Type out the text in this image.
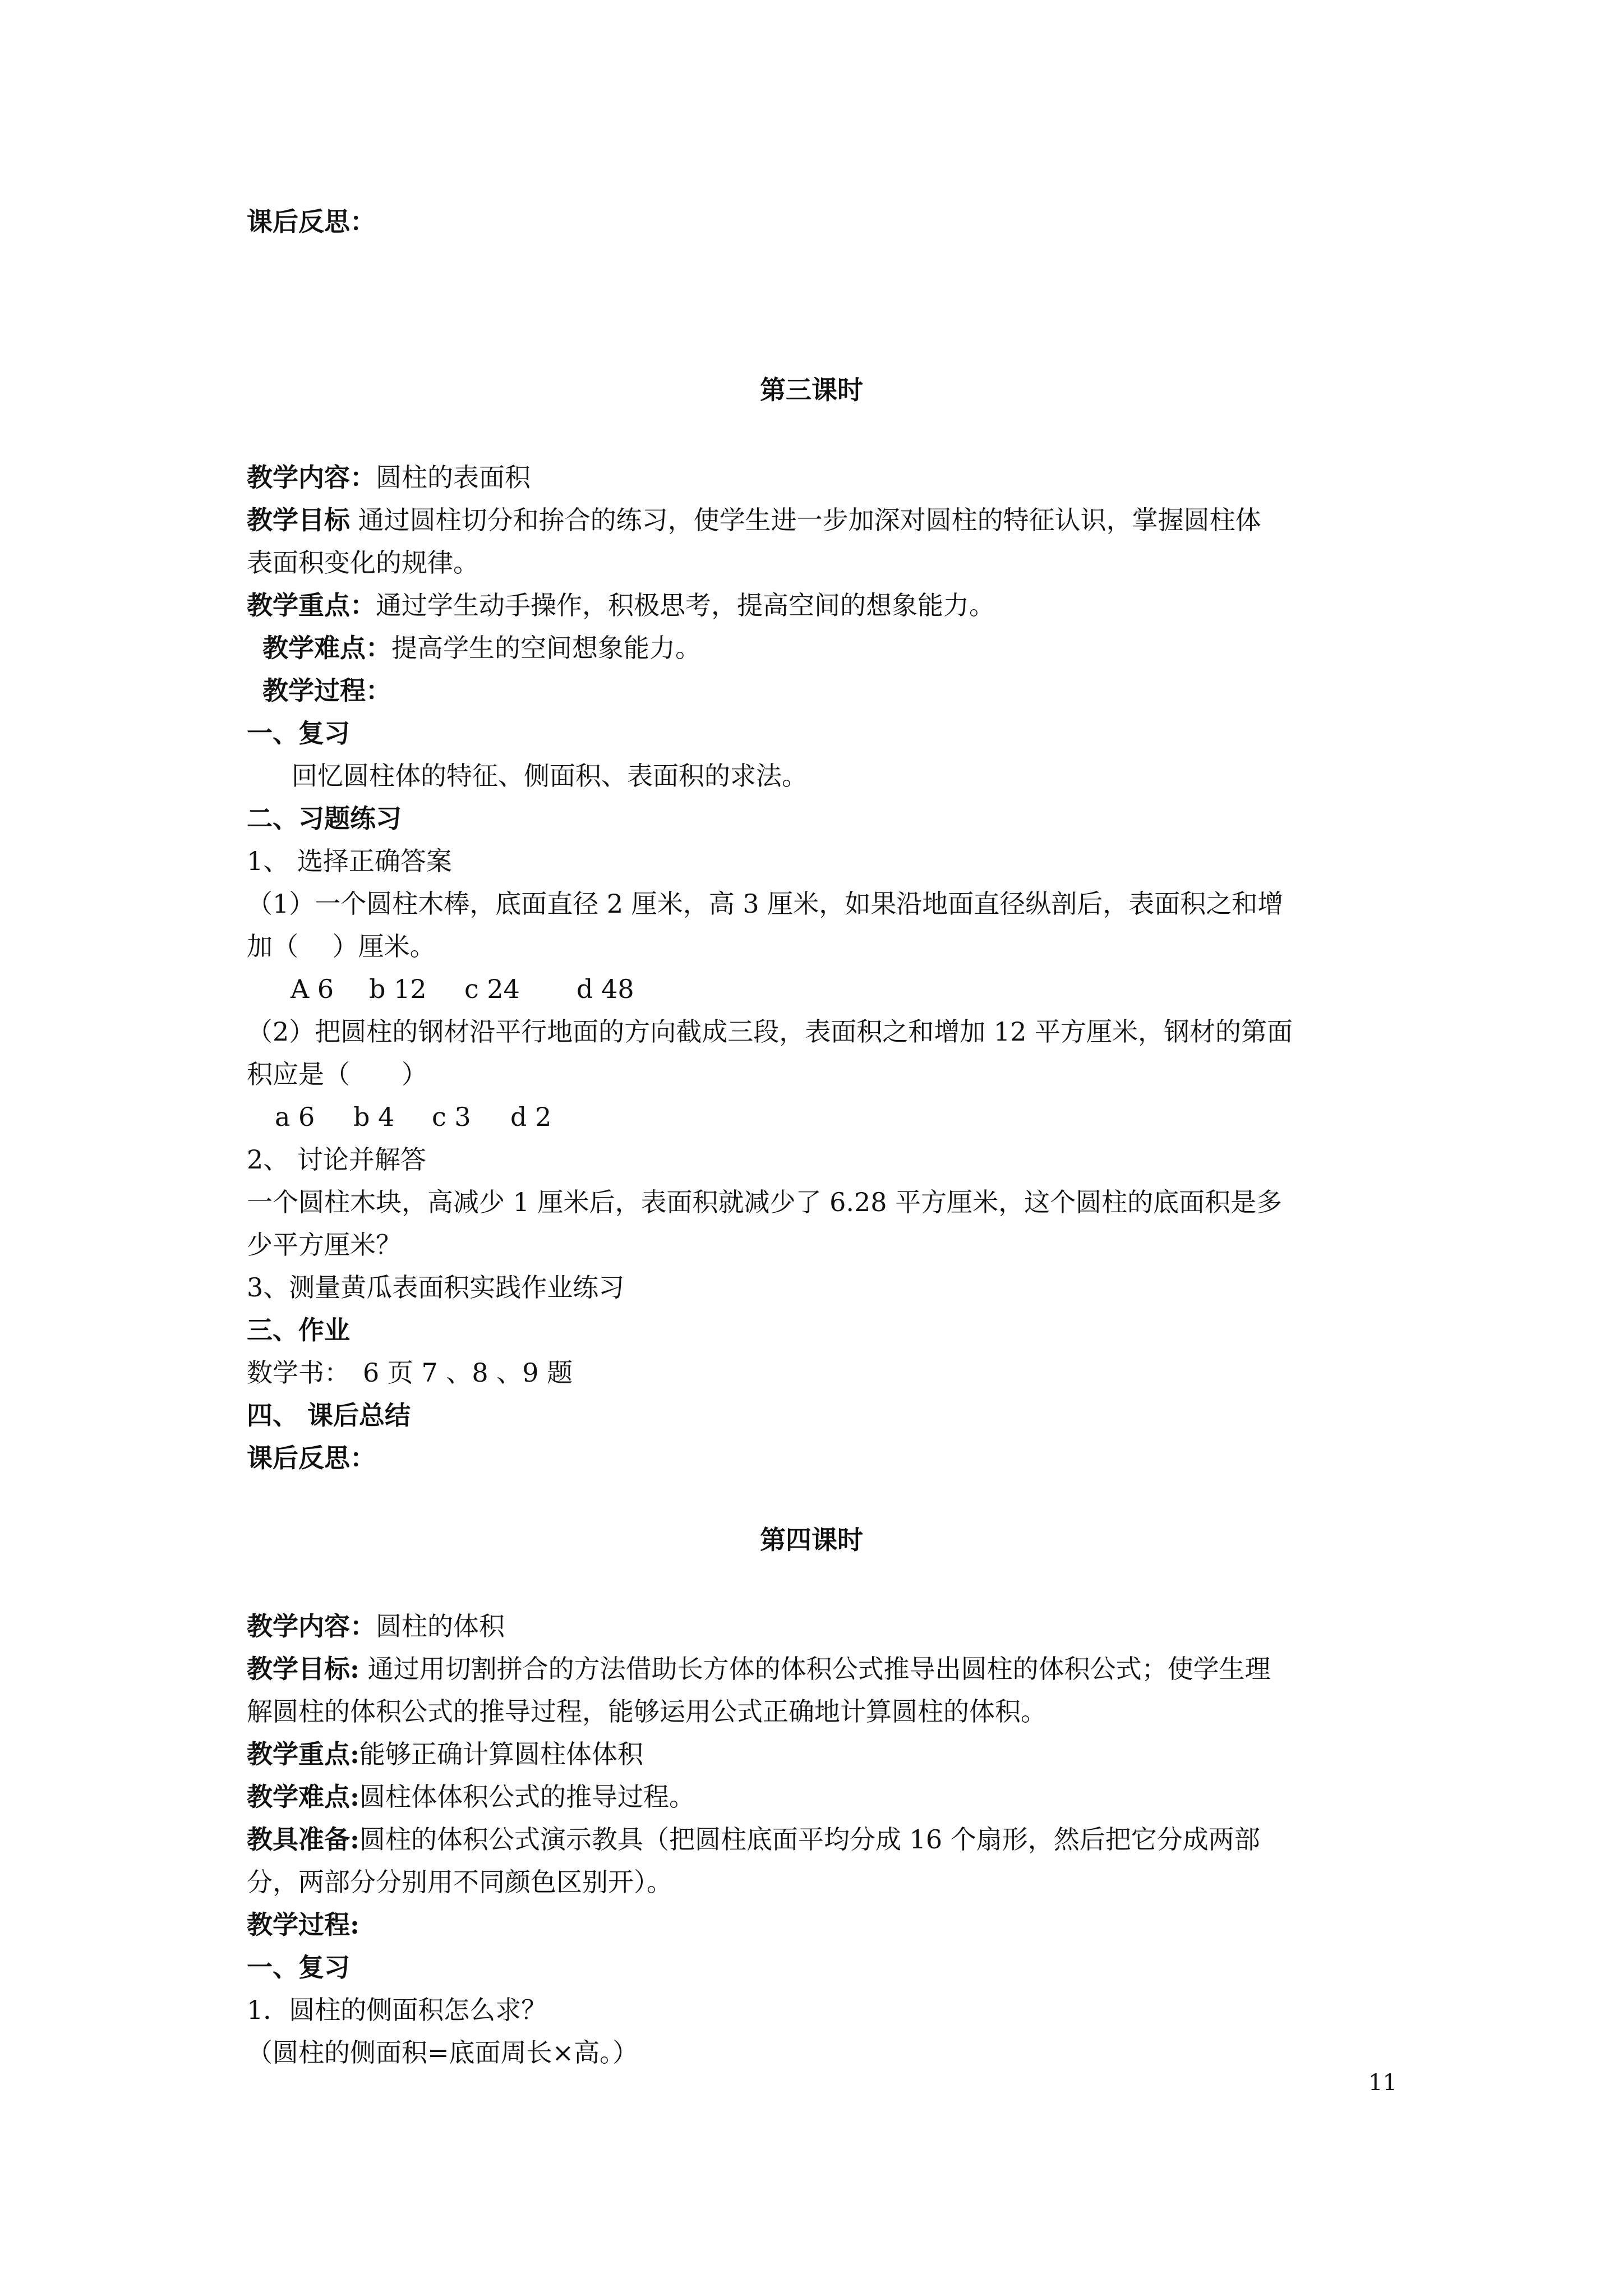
课后反思：
第三课时
教学内容：圆柱的表面积
教学目标 通过圆柱切分和拚合的练习，使学生进一步加深对圆柱的特征认识，掌握圆柱体
表面积变化的规律。
教学重点：通过学生动手操作，积极思考，提高空间的想象能力。
教学难点：提高学生的空间想象能力。
教学过程：
一、复习
回忆圆柱体的特征、侧面积、表面积的求法。
二、习题练习
1、 选择正确答案
（1）一个圆柱木棒，底面直径 2 厘米，高 3 厘米，如果沿地面直径纵剖后，表面积之和增
加（　 ）厘米。
A 6 b 12 c 24 d 48
（2）把圆柱的钢材沿平行地面的方向截成三段，表面积之和增加 12 平方厘米，钢材的第面
积应是（　　）
a 6 b 4 c 3 d 2
2、 讨论并解答
一个圆柱木块，高减少 1 厘米后，表面积就减少了 6.28 平方厘米，这个圆柱的底面积是多
少平方厘米？
3、测量黄瓜表面积实践作业练习
三、作业
数学书：　6 页 7 、8 、9 题
四、 课后总结
课后反思：
第四课时
教学内容：圆柱的体积
教学目标: 通过用切割拼合的方法借助长方体的体积公式推导出圆柱的体积公式；使学生理
解圆柱的体积公式的推导过程，能够运用公式正确地计算圆柱的体积。
教学重点:能够正确计算圆柱体体积
教学难点:圆柱体体积公式的推导过程。
教具准备:圆柱的体积公式演示教具（把圆柱底面平均分成 16 个扇形，然后把它分成两部
分，两部分分别用不同颜色区别开）。
教学过程:
一、复习
1．圆柱的侧面积怎么求？
（圆柱的侧面积=底面周长×高。）
11
